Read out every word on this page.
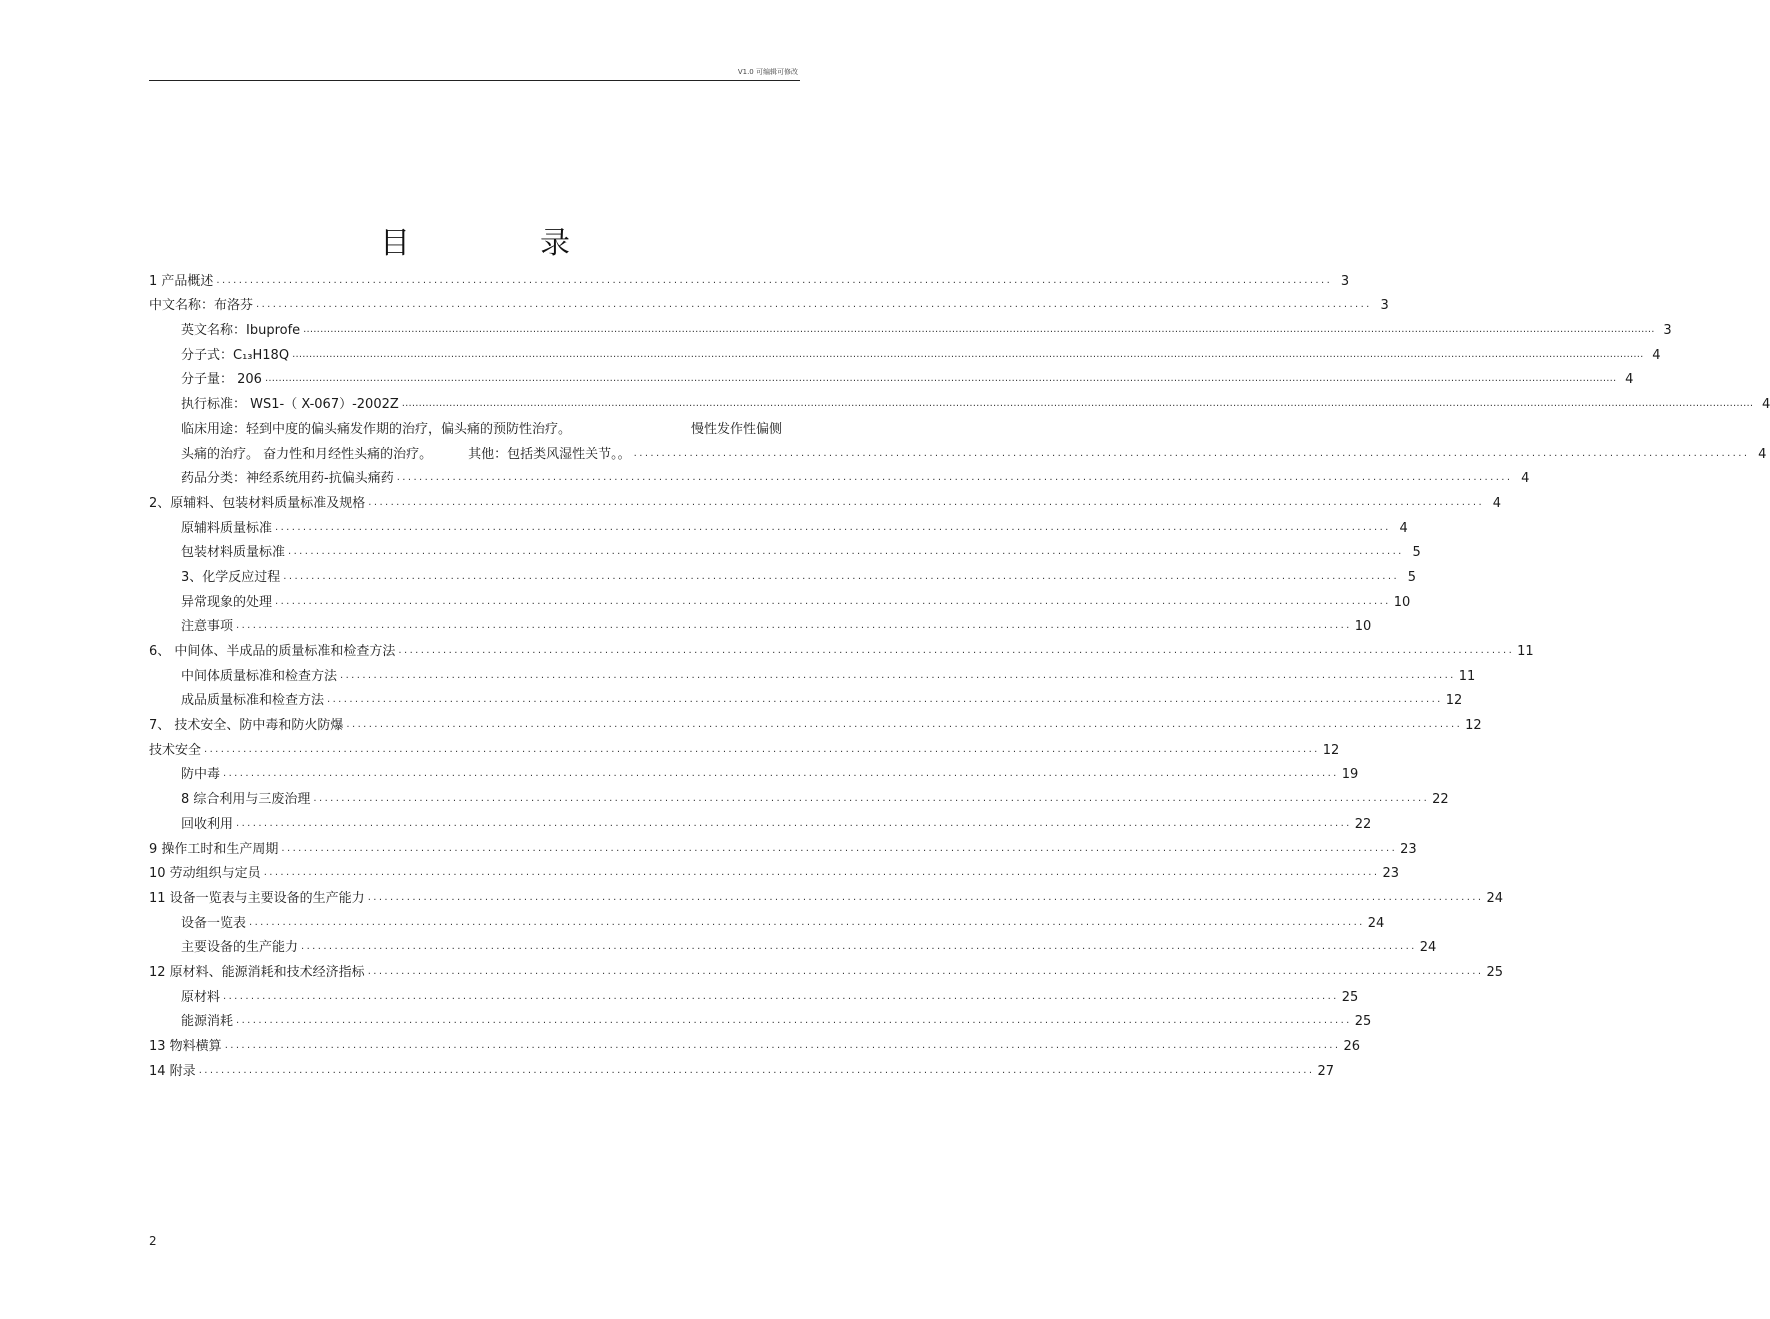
V1.0 可编辑可修改
目	录
1 产品概述 ........................................................................................................................................................................................................ 3
中文名称：布洛芬 ........................................................................................................................................................................................................ 3
英文名称：Ibuprofe ................................................................................................................................................................................................................................................................................................................................................................................................................ 3
分子式：C₁₃H18Q ................................................................................................................................................................................................................................................................................................................................................................................................................ 4
分子量： 206 ................................................................................................................................................................................................................................................................................................................................................................................................................ 4
执行标准： WS1-（ X-067）-2002Z ................................................................................................................................................................................................................................................................................................................................................................................................................ 4
临床用途：轻到中度的偏头痛发作期的治疗，偏头痛的预防性治疗。	慢性发作性偏侧
头痛的治疗。 奋力性和月经性头痛的治疗。	其他：包括类风湿性关节。。 ........................................................................................................................................................................................................ 4
药品分类：神经系统用药-抗偏头痛药 ........................................................................................................................................................................................................ 4
2、原辅料、包装材料质量标准及规格 ........................................................................................................................................................................................................ 4
原辅料质量标准 ........................................................................................................................................................................................................ 4
包装材料质量标准 ........................................................................................................................................................................................................ 5
3、化学反应过程 ........................................................................................................................................................................................................ 5
异常现象的处理 ........................................................................................................................................................................................................ 10
注意事项 ........................................................................................................................................................................................................ 10
6、 中间体、半成品的质量标准和检查方法 ........................................................................................................................................................................................................ 11
中间体质量标准和检查方法 ........................................................................................................................................................................................................ 11
成品质量标准和检查方法 ........................................................................................................................................................................................................ 12
7、 技术安全、防中毒和防火防爆 ........................................................................................................................................................................................................ 12
技术安全 ........................................................................................................................................................................................................ 12
防中毒 ........................................................................................................................................................................................................ 19
8 综合利用与三废治理 ........................................................................................................................................................................................................ 22
回收利用 ........................................................................................................................................................................................................ 22
9 操作工时和生产周期 ........................................................................................................................................................................................................ 23
10 劳动组织与定员 ........................................................................................................................................................................................................ 23
11 设备一览表与主要设备的生产能力 ........................................................................................................................................................................................................ 24
设备一览表 ........................................................................................................................................................................................................ 24
主要设备的生产能力 ........................................................................................................................................................................................................ 24
12 原材料、能源消耗和技术经济指标 ........................................................................................................................................................................................................ 25
原材料 ........................................................................................................................................................................................................ 25
能源消耗 ........................................................................................................................................................................................................ 25
13 物料横算 ........................................................................................................................................................................................................ 26
14 附录 ........................................................................................................................................................................................................ 27
2
